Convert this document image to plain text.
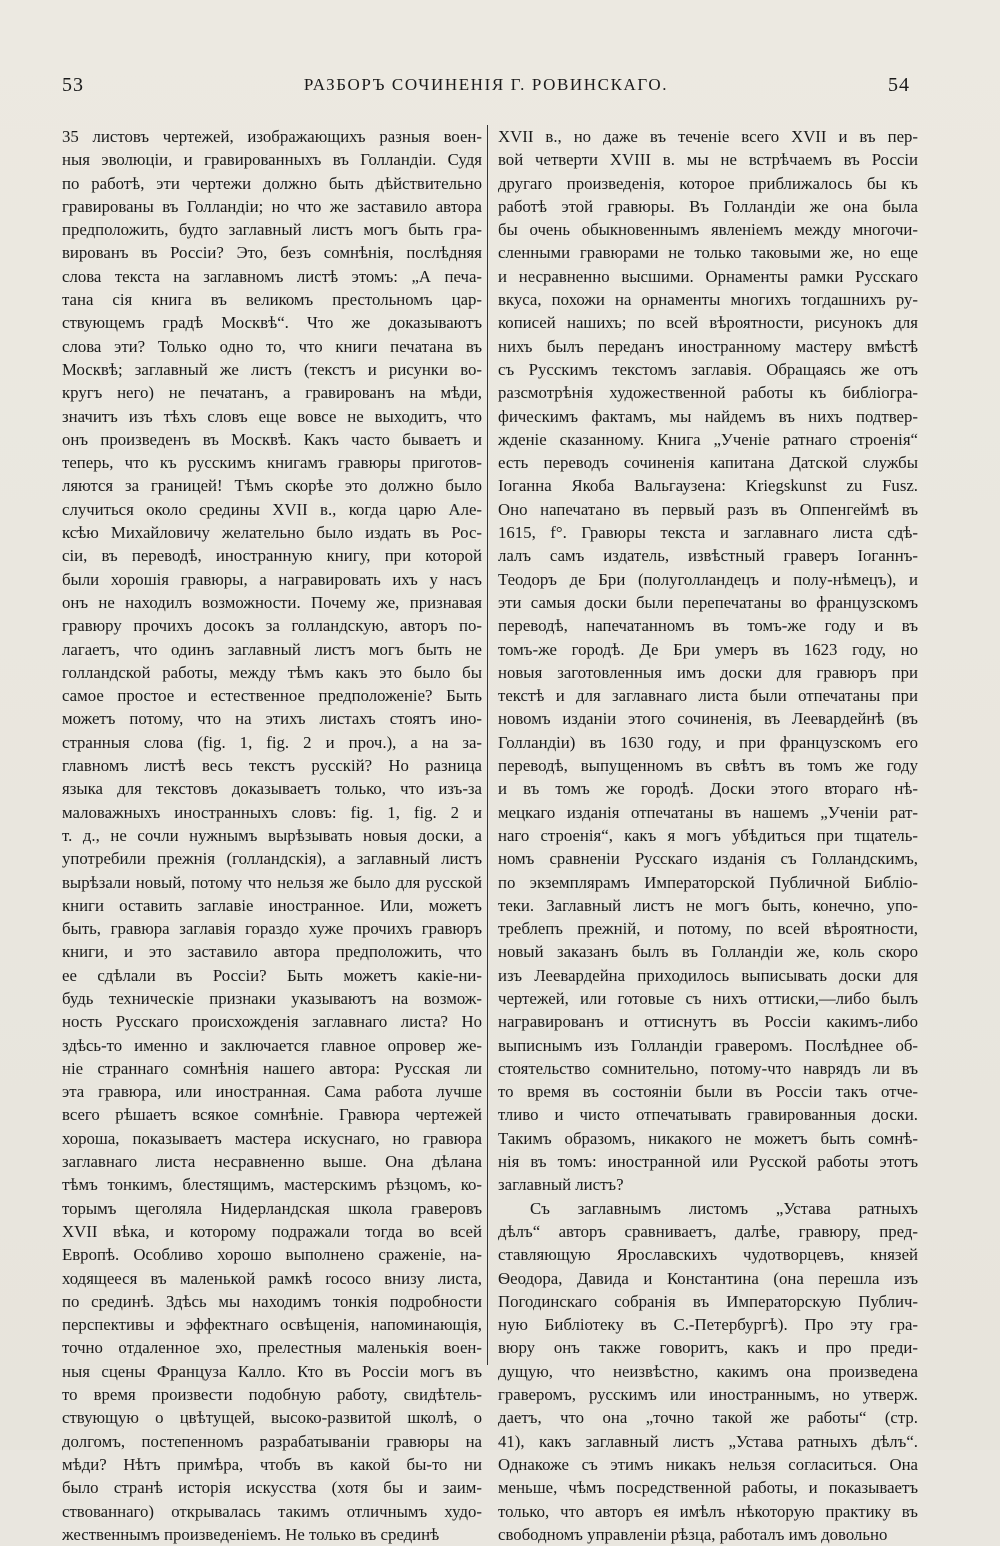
53	РАЗБОРЪ СОЧИНЕНІЯ Г. РОВИНСКАГО.	54
35 листовъ чертежей, изображающихъ разныя воен-
ныя эволюціи, и гравированныхъ въ Голландіи. Судя
по работѣ, эти чертежи должно быть дѣйствительно
гравированы въ Голландіи; но что же заставило автора
предположить, будто заглавный листъ могъ быть гра-
вированъ въ Россіи? Это, безъ сомнѣнія, послѣдняя
слова текста на заглавномъ листѣ этомъ: „А печа-
тана сія книга въ великомъ престольномъ цар-
ствующемъ градѣ Москвѣ“. Что же доказываютъ
слова эти? Только одно то, что книги печатана въ
Москвѣ; заглавный же листъ (текстъ и рисунки во-
кругъ него) не печатанъ, а гравированъ на мѣди,
значитъ изъ тѣхъ словъ еще вовсе не выходитъ, что
онъ произведенъ въ Москвѣ. Какъ часто бываетъ и
теперь, что къ русскимъ книгамъ гравюры приготов-
ляются за границей! Тѣмъ скорѣе это должно было
случиться около средины XVII в., когда царю Але-
ксѣю Михайловичу желательно было издать въ Рос-
сіи, въ переводѣ, иностранную книгу, при которой
были хорошія гравюры, а награвировать ихъ у насъ
онъ не находилъ возможности. Почему же, признавая
гравюру прочихъ досокъ за голландскую, авторъ по-
лагаетъ, что одинъ заглавный листъ могъ быть не
голландской работы, между тѣмъ какъ это было бы
самое простое и естественное предположеніе? Быть
можетъ потому, что на этихъ листахъ стоятъ ино-
странныя слова (fig. 1, fig. 2 и проч.), а на за-
главномъ листѣ весь текстъ русскій? Но разница
языка для текстовъ доказываетъ только, что изъ-за
маловажныхъ иностранныхъ словъ: fig. 1, fig. 2 и
т. д., не сочли нужнымъ вырѣзывать новыя доски, а
употребили прежнія (голландскія), а заглавный листъ
вырѣзали новый, потому что нельзя же было для русской
книги оставить заглавіе иностранное. Или, можетъ
быть, гравюра заглавія гораздо хуже прочихъ гравюръ
книги, и это заставило автора предположить, что
ее сдѣлали въ Россіи? Быть можетъ какіе-ни-
будь техническіе признаки указываютъ на возмож-
ность Русскаго происхожденія заглавнаго листа? Но
здѣсь-то именно и заключается главное опровер же-
ніе страннаго сомнѣнія нашего автора: Русская ли
эта гравюра, или иностранная. Сама работа лучше
всего рѣшаетъ всякое сомнѣніе. Гравюра чертежей
хороша, показываетъ мастера искуснаго, но гравюра
заглавнаго листа несравненно выше. Она дѣлана
тѣмъ тонкимъ, блестящимъ, мастерскимъ рѣзцомъ, ко-
торымъ щеголяла Нидерландская школа граверовъ
XVII вѣка, и которому подражали тогда во всей
Европѣ. Особливо хорошо выполнено сраженіе, на-
ходящееся въ маленькой рамкѣ rococo внизу листа,
по срединѣ. Здѣсь мы находимъ тонкія подробности
перспективы и эффектнаго освѣщенія, напоминающія,
точно отдаленное эхо, прелестныя маленькія воен-
ныя сцены Француза Калло. Кто въ Россіи могъ въ
то время произвести подобную работу, свидѣтель-
ствующую о цвѣтущей, высоко-развитой школѣ, о
долгомъ, постепенномъ разрабатываніи гравюры на
мѣди? Нѣтъ примѣра, чтобъ въ какой бы-то ни
было странѣ исторія искусства (хотя бы и заим-
ствованнаго) открывалась такимъ отличнымъ худо-
жественнымъ произведеніемъ. Не только въ срединѣ
XVII в., но даже въ теченіе всего XVII и въ пер-
вой четверти XVIII в. мы не встрѣчаемъ въ Россіи
другаго произведенія, которое приближалось бы къ
работѣ этой гравюры. Въ Голландіи же она была
бы очень обыкновеннымъ явленіемъ между многочи-
сленными гравюрами не только таковыми же, но еще
и несравненно высшими. Орнаменты рамки Русскаго
вкуса, похожи на орнаменты многихъ тогдашнихъ ру-
кописей нашихъ; по всей вѣроятности, рисунокъ для
нихъ былъ переданъ иностранному мастеру вмѣстѣ
съ Русскимъ текстомъ заглавія. Обращаясь же отъ
разсмотрѣнія художественной работы къ библіогра-
фическимъ фактамъ, мы найдемъ въ нихъ подтвер-
жденіе сказанному. Книга „Ученіе ратнаго строенія“
есть переводъ сочиненія капитана Датской службы
Іоганна Якоба Вальгаузена: Kriegskunst zu Fusz.
Оно напечатано въ первый разъ въ Оппенгеймѣ въ
1615, f°. Гравюры текста и заглавнаго листа сдѣ-
лалъ самъ издатель, извѣстный граверъ Іоганнъ-
Теодоръ де Бри (полуголландецъ и полу-нѣмецъ), и
эти самыя доски были перепечатаны во французскомъ
переводѣ, напечатанномъ въ томъ-же году и въ
томъ-же городѣ. Де Бри умеръ въ 1623 году, но
новыя заготовленныя имъ доски для гравюръ при
текстѣ и для заглавнаго листа были отпечатаны при
новомъ изданіи этого сочиненія, въ Леевардейнѣ (въ
Голландіи) въ 1630 году, и при французскомъ его
переводѣ, выпущенномъ въ свѣтъ въ томъ же году
и въ томъ же городѣ. Доски этого втораго нѣ-
мецкаго изданія отпечатаны въ нашемъ „Ученіи рат-
наго строенія“, какъ я могъ убѣдиться при тщатель-
номъ сравненіи Русскаго изданія съ Голландскимъ,
по экземплярамъ Императорской Публичной Библіо-
теки. Заглавный листъ не могъ быть, конечно, упо-
треблепъ прежній, и потому, по всей вѣроятности,
новый заказанъ былъ въ Голландіи же, коль скоро
изъ Леевардейна приходилось выписывать доски для
чертежей, или готовые съ нихъ оттиски,—либо былъ
награвированъ и оттиснутъ въ Россіи какимъ-либо
выписнымъ изъ Голландіи граверомъ. Послѣднее об-
стоятельство сомнительно, потому-что наврядъ ли въ
то время въ состояніи были въ Россіи такъ отче-
тливо и чисто отпечатывать гравированныя доски.
Такимъ образомъ, никакого не можетъ быть сомнѣ-
нія въ томъ: иностранной или Русской работы этотъ
заглавный листъ?
Съ заглавнымъ листомъ „Устава ратныхъ
дѣлъ“ авторъ сравниваетъ, далѣе, гравюру, пред-
ставляющую Ярославскихъ чудотворцевъ, князей
Ѳеодора, Давида и Константина (она перешла изъ
Погодинскаго собранія въ Императорскую Публич-
ную Библіотеку въ С.-Петербургѣ). Про эту гра-
вюру онъ также говоритъ, какъ и про преди-
дущую, что неизвѣстно, какимъ она произведена
граверомъ, русскимъ или иностраннымъ, но утверж.
даетъ, что она „точно такой же работы“ (стр.
41), какъ заглавный листъ „Устава ратныхъ дѣлъ“.
Однакоже съ этимъ никакъ нельзя согласиться. Она
меньше, чѣмъ посредственной работы, и показываетъ
только, что авторъ ея имѣлъ нѣкоторую практику въ
свободномъ управленіи рѣзца, работалъ имъ довольно
